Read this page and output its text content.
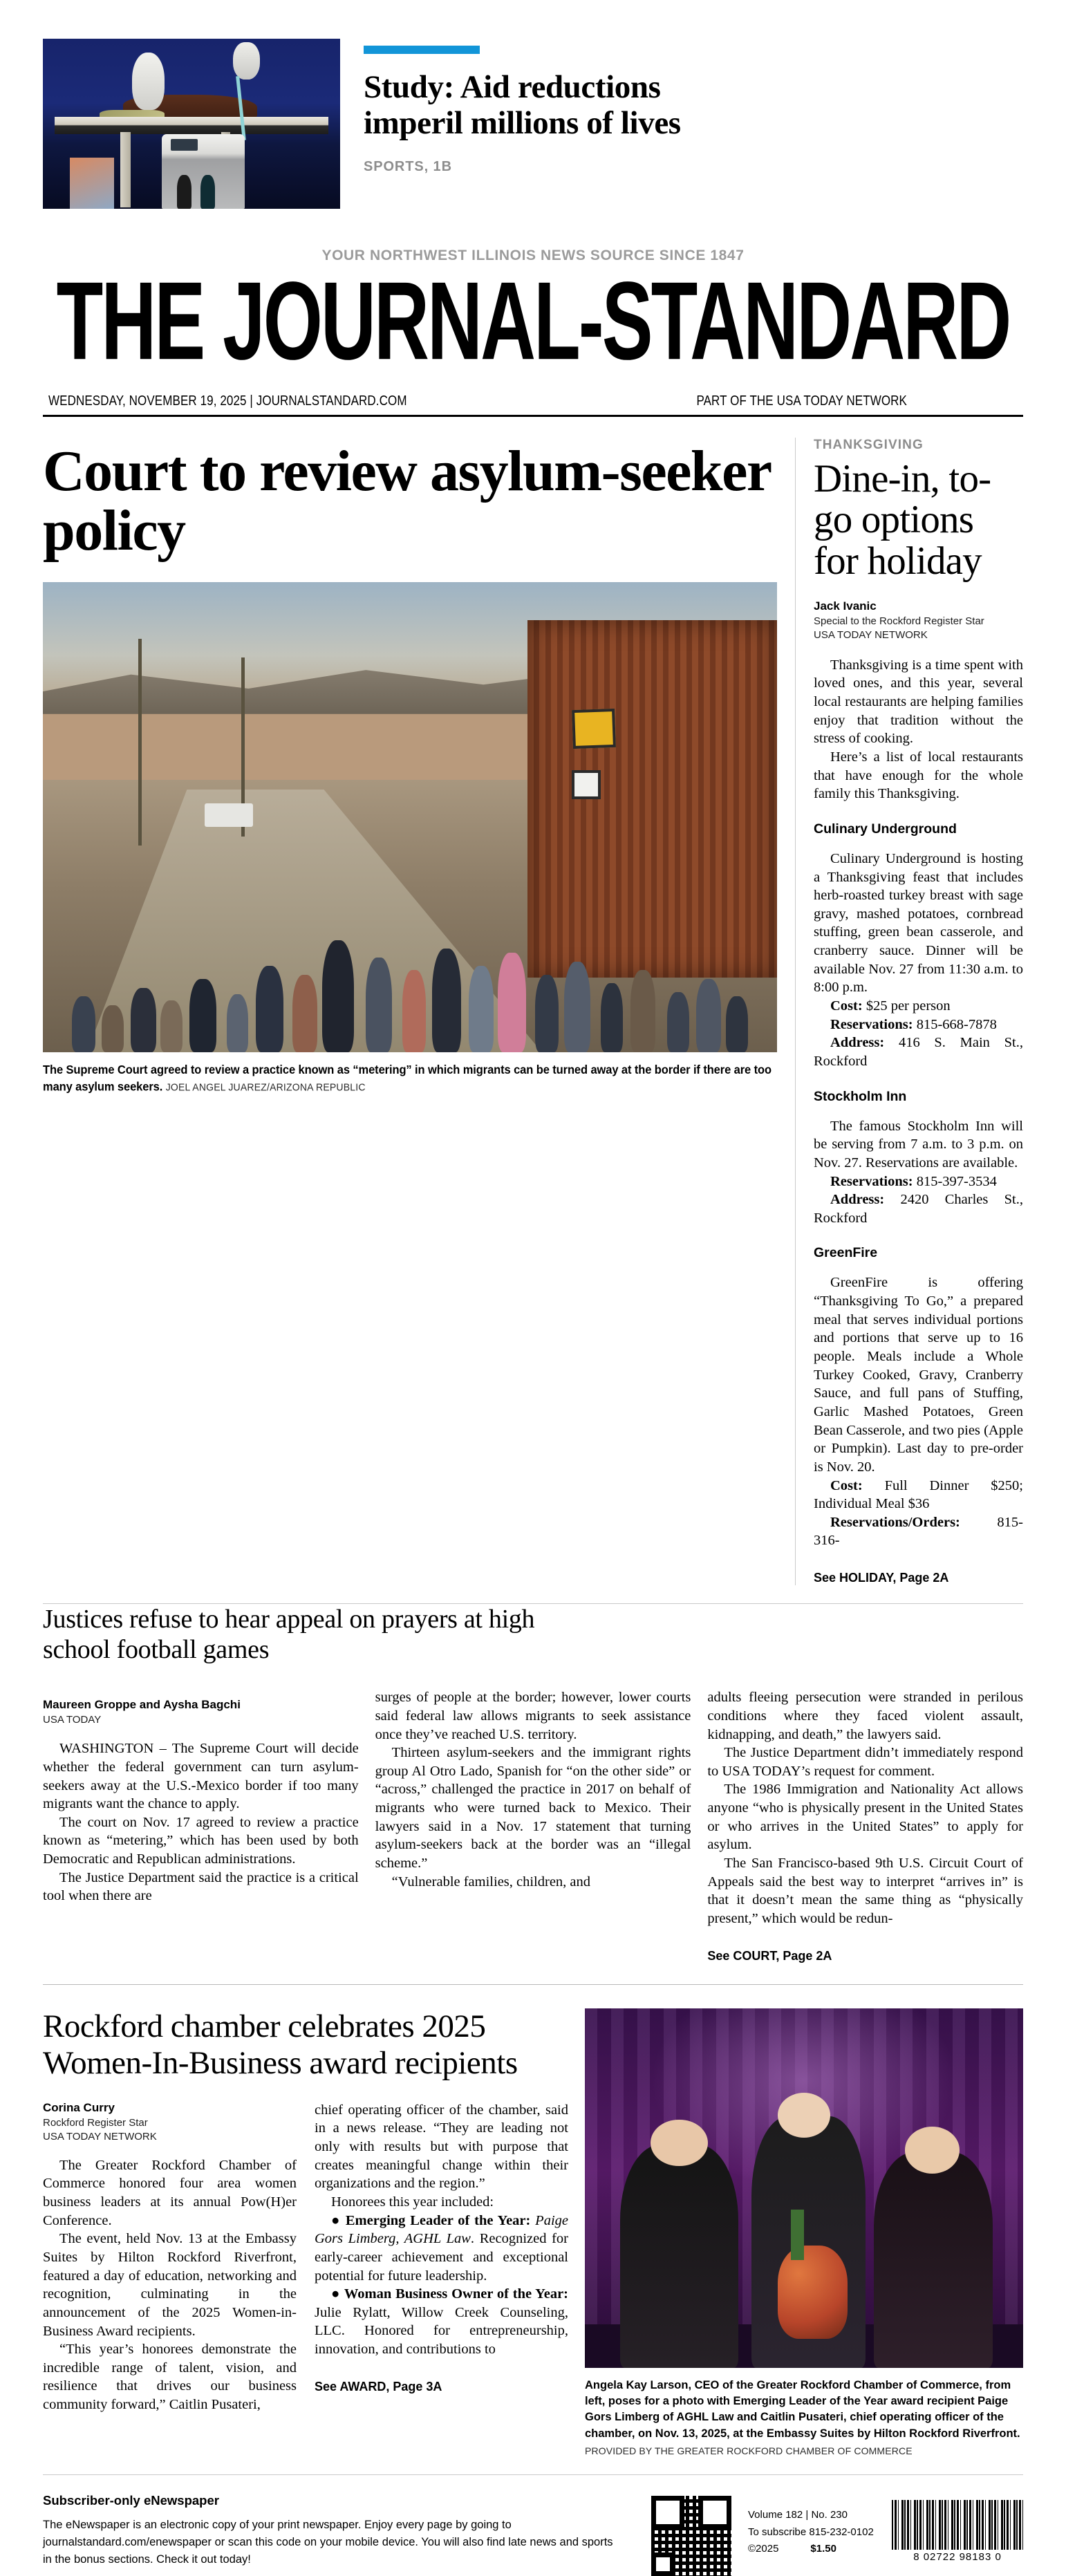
Study: Aid reductions imperil millions of lives
SPORTS, 1B
YOUR NORTHWEST ILLINOIS NEWS SOURCE SINCE 1847
THE JOURNAL-STANDARD
WEDNESDAY, NOVEMBER 19, 2025 | JOURNALSTANDARD.COM	PART OF THE USA TODAY NETWORK
Court to review asylum-seeker policy
The Supreme Court agreed to review a practice known as “metering” in which migrants can be turned away at the border if there are too many asylum seekers. JOEL ANGEL JUAREZ/ARIZONA REPUBLIC
THANKSGIVING
Dine-in, to-go options for holiday
Jack Ivanic
Special to the Rockford Register Star
USA TODAY NETWORK

Thanksgiving is a time spent with loved ones, and this year, several local restaurants are helping families enjoy that tradition without the stress of cooking.

Here’s a list of local restaurants that have enough for the whole family this Thanksgiving.

Culinary Underground

Culinary Underground is hosting a Thanksgiving feast that includes herb-roasted turkey breast with sage gravy, mashed potatoes, cornbread stuffing, green bean casserole, and cranberry sauce. Dinner will be available Nov. 27 from 11:30 a.m. to 8:00 p.m.

Cost: $25 per person

Reservations: 815-668-7878

Address: 416 S. Main St., Rockford

Stockholm Inn

The famous Stockholm Inn will be serving from 7 a.m. to 3 p.m. on Nov. 27. Reservations are available.

Reservations: 815-397-3534

Address: 2420 Charles St., Rockford

GreenFire

GreenFire is offering “Thanksgiving To Go,” a prepared meal that serves individual portions and portions that serve up to 16 people. Meals include a Whole Turkey Cooked, Gravy, Cranberry Sauce, and full pans of Stuffing, Garlic Mashed Potatoes, Green Bean Casserole, and two pies (Apple or Pumpkin). Last day to pre-order is Nov. 20.

Cost: Full Dinner $250; Individual Meal $36

Reservations/Orders:	815-316-

See HOLIDAY, Page 2A
Justices refuse to hear appeal on prayers at high school football games
Maureen Groppe and Aysha Bagchi
USA TODAY

WASHINGTON – The Supreme Court will decide whether the federal government can turn asylum-seekers away at the U.S.-Mexico border if too many migrants want the chance to apply.

The court on Nov. 17 agreed to review a practice known as “metering,” which has been used by both Democratic and Republican administrations.

The Justice Department said the practice is a critical tool when there are

surges of people at the border; however, lower courts said federal law allows migrants to seek assistance once they’ve reached U.S. territory.

Thirteen asylum-seekers and the immigrant rights group Al Otro Lado, Spanish for “on the other side” or “across,” challenged the practice in 2017 on behalf of migrants who were turned back to Mexico. Their lawyers said in a Nov. 17 statement that turning asylum-seekers back at the border was an “illegal scheme.”

“Vulnerable families, children, and

adults fleeing persecution were stranded in perilous conditions where they faced violent assault, kidnapping, and death,” the lawyers said.

The Justice Department didn’t immediately respond to USA TODAY’s request for comment.

The 1986 Immigration and Nationality Act allows anyone “who is physically present in the United States or who arrives in the United States” to apply for asylum.

The San Francisco-based 9th U.S. Circuit Court of Appeals said the best way to interpret “arrives in” is that it doesn’t mean the same thing as “physically present,” which would be redun-

See COURT, Page 2A
Rockford chamber celebrates 2025 Women-In-Business award recipients
Corina Curry
Rockford Register Star
USA TODAY NETWORK

The Greater Rockford Chamber of Commerce honored four area women business leaders at its annual Pow(H)er Conference.

The event, held Nov. 13 at the Embassy Suites by Hilton Rockford Riverfront, featured a day of education, networking and recognition, culminating in the announcement of the 2025 Women-in-Business Award recipients.

“This year’s honorees demonstrate the incredible range of talent, vision, and resilience that drives our business community forward,” Caitlin Pusateri,

chief operating officer of the chamber, said in a news release. “They are leading not only with results but with purpose that creates meaningful change within their organizations and the region.”

Honorees this year included:

● Emerging Leader of the Year: Paige Gors Limberg, AGHL Law. Recognized for early-career achievement and exceptional potential for future leadership.

● Woman Business Owner of the Year: Julie Rylatt, Willow Creek Counseling, LLC. Honored for entrepreneurship, innovation, and contributions to

See AWARD, Page 3A	Angela Kay Larson, CEO of the Greater Rockford Chamber of Commerce, from left, poses for a photo with Emerging Leader of the Year award recipient Paige Gors Limberg of AGHL Law and Caitlin Pusateri, chief operating officer of the chamber, on Nov. 13, 2025, at the Embassy Suites by Hilton Rockford Riverfront.
PROVIDED BY THE GREATER ROCKFORD CHAMBER OF COMMERCE
Subscriber-only eNewspaper
The eNewspaper is an electronic copy of your print newspaper. Enjoy every page by going to journalstandard.com/enewspaper or scan this code on your mobile device. You will also find late news and sports in the bonus sections. Check it out today!
Volume 182 | No. 230
To subscribe 815-232-0102
©2025	$1.50
8 02722 98183 0
